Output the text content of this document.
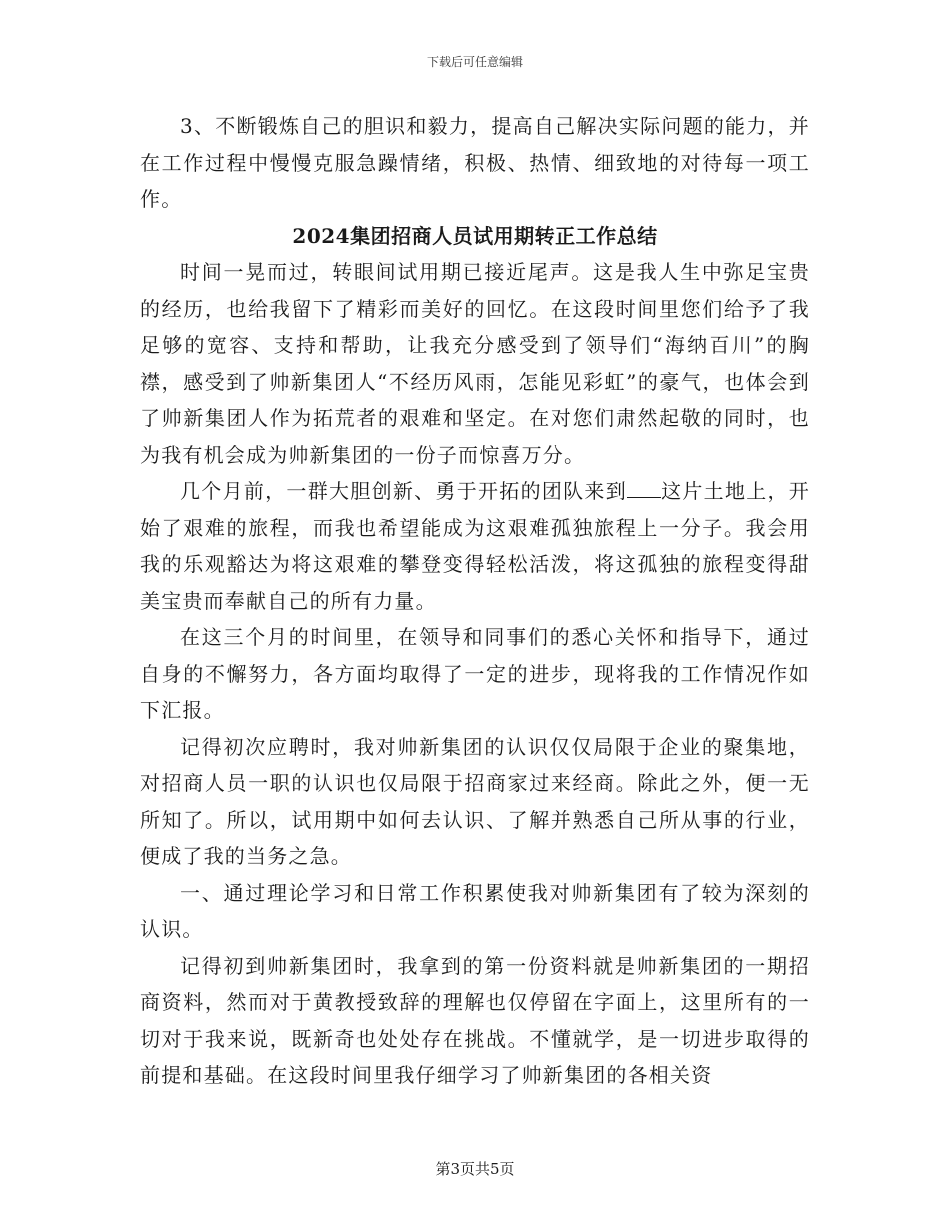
下载后可任意编辑

3、不断锻炼自己的胆识和毅力，提高自己解决实际问题的能力，并在工作过程中慢慢克服急躁情绪，积极、热情、细致地的对待每一项工作。

2024集团招商人员试用期转正工作总结

时间一晃而过，转眼间试用期已接近尾声。这是我人生中弥足宝贵的经历，也给我留下了精彩而美好的回忆。在这段时间里您们给予了我足够的宽容、支持和帮助，让我充分感受到了领导们“海纳百川”的胸襟，感受到了帅新集团人“不经历风雨，怎能见彩虹”的豪气，也体会到了帅新集团人作为拓荒者的艰难和坚定。在对您们肃然起敬的同时，也为我有机会成为帅新集团的一份子而惊喜万分。

几个月前，一群大胆创新、勇于开拓的团队来到 这片土地上，开始了艰难的旅程，而我也希望能成为这艰难孤独旅程上一分子。我会用我的乐观豁达为将这艰难的攀登变得轻松活泼，将这孤独的旅程变得甜美宝贵而奉献自己的所有力量。

在这三个月的时间里，在领导和同事们的悉心关怀和指导下，通过自身的不懈努力，各方面均取得了一定的进步，现将我的工作情况作如下汇报。

记得初次应聘时，我对帅新集团的认识仅仅局限于企业的聚集地，对招商人员一职的认识也仅局限于招商家过来经商。除此之外，便一无所知了。所以，试用期中如何去认识、了解并熟悉自己所从事的行业，便成了我的当务之急。

一、通过理论学习和日常工作积累使我对帅新集团有了较为深刻的认识。

记得初到帅新集团时，我拿到的第一份资料就是帅新集团的一期招商资料，然而对于黄教授致辞的理解也仅停留在字面上，这里所有的一切对于我来说，既新奇也处处存在挑战。不懂就学，是一切进步取得的前提和基础。在这段时间里我仔细学习了帅新集团的各相关资

第3页共5页
